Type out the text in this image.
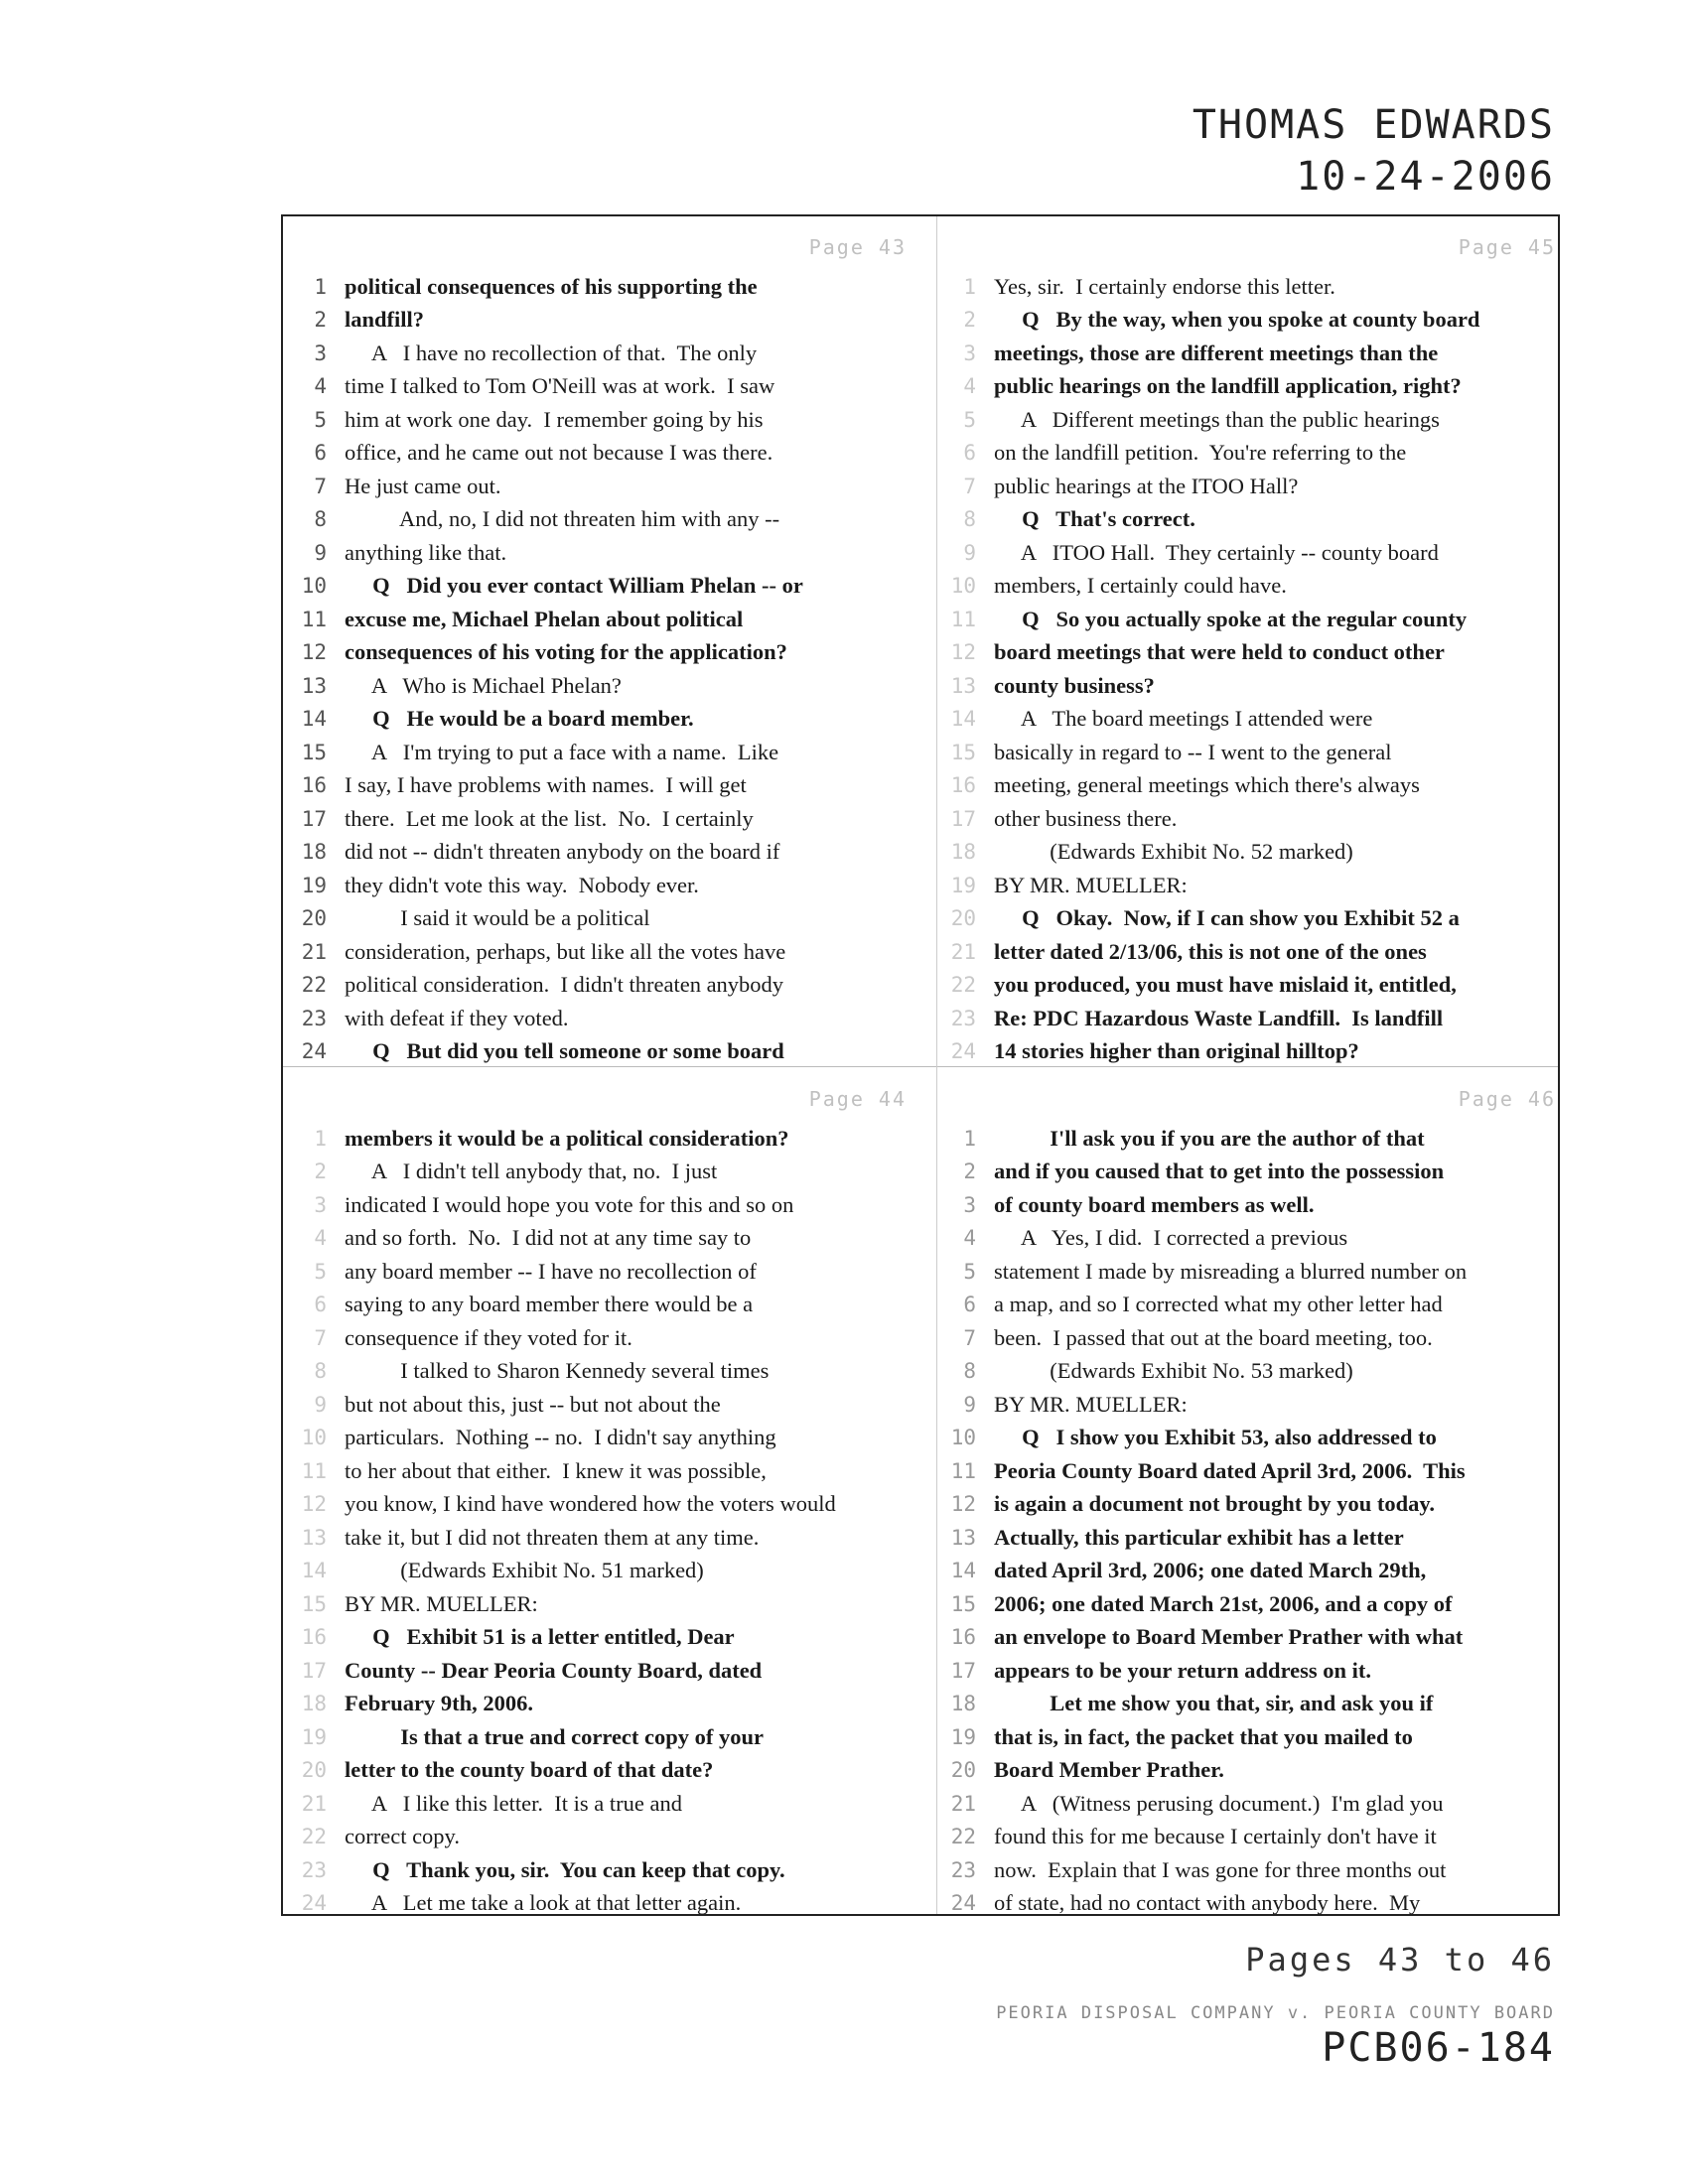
THOMAS EDWARDS
10-24-2006
Page 43
1 political consequences of his supporting the
2 landfill?
3 A   I have no recollection of that.  The only
4 time I talked to Tom O'Neill was at work.  I saw
5 him at work one day.  I remember going by his
6 office, and he came out not because I was there.
7 He just came out.
8 And, no, I did not threaten him with any --
9 anything like that.
10 Q   Did you ever contact William Phelan -- or
11 excuse me, Michael Phelan about political
12 consequences of his voting for the application?
13 A   Who is Michael Phelan?
14 Q   He would be a board member.
15 A   I'm trying to put a face with a name.  Like
16 I say, I have problems with names.  I will get
17 there.  Let me look at the list.  No.  I certainly
18 did not -- didn't threaten anybody on the board if
19 they didn't vote this way.  Nobody ever.
20 I said it would be a political
21 consideration, perhaps, but like all the votes have
22 political consideration.  I didn't threaten anybody
23 with defeat if they voted.
24 Q   But did you tell someone or some board
Page 45
1 Yes, sir.  I certainly endorse this letter.
2 Q   By the way, when you spoke at county board
3 meetings, those are different meetings than the
4 public hearings on the landfill application, right?
5 A   Different meetings than the public hearings
6 on the landfill petition.  You're referring to the
7 public hearings at the ITOO Hall?
8 Q   That's correct.
9 A   ITOO Hall.  They certainly -- county board
10 members, I certainly could have.
11 Q   So you actually spoke at the regular county
12 board meetings that were held to conduct other
13 county business?
14 A   The board meetings I attended were
15 basically in regard to -- I went to the general
16 meeting, general meetings which there's always
17 other business there.
18 (Edwards Exhibit No. 52 marked)
19 BY MR. MUELLER:
20 Q   Okay.  Now, if I can show you Exhibit 52 a
21 letter dated 2/13/06, this is not one of the ones
22 you produced, you must have mislaid it, entitled,
23 Re: PDC Hazardous Waste Landfill.  Is landfill
24 14 stories higher than original hilltop?
Page 44
1 members it would be a political consideration?
2 A   I didn't tell anybody that, no.  I just
3 indicated I would hope you vote for this and so on
4 and so forth.  No.  I did not at any time say to
5 any board member -- I have no recollection of
6 saying to any board member there would be a
7 consequence if they voted for it.
8 I talked to Sharon Kennedy several times
9 but not about this, just -- but not about the
10 particulars.  Nothing -- no.  I didn't say anything
11 to her about that either.  I knew it was possible,
12 you know, I kind have wondered how the voters would
13 take it, but I did not threaten them at any time.
14 (Edwards Exhibit No. 51 marked)
15 BY MR. MUELLER:
16 Q   Exhibit 51 is a letter entitled, Dear
17 County -- Dear Peoria County Board, dated
18 February 9th, 2006.
19 Is that a true and correct copy of your
20 letter to the county board of that date?
21 A   I like this letter.  It is a true and
22 correct copy.
23 Q   Thank you, sir.  You can keep that copy.
24 A   Let me take a look at that letter again.
Page 46
1 I'll ask you if you are the author of that
2 and if you caused that to get into the possession
3 of county board members as well.
4 A   Yes, I did.  I corrected a previous
5 statement I made by misreading a blurred number on
6 a map, and so I corrected what my other letter had
7 been.  I passed that out at the board meeting, too.
8 (Edwards Exhibit No. 53 marked)
9 BY MR. MUELLER:
10 Q   I show you Exhibit 53, also addressed to
11 Peoria County Board dated April 3rd, 2006.  This
12 is again a document not brought by you today.
13 Actually, this particular exhibit has a letter
14 dated April 3rd, 2006; one dated March 29th,
15 2006; one dated March 21st, 2006, and a copy of
16 an envelope to Board Member Prather with what
17 appears to be your return address on it.
18 Let me show you that, sir, and ask you if
19 that is, in fact, the packet that you mailed to
20 Board Member Prather.
21 A   (Witness perusing document.)  I'm glad you
22 found this for me because I certainly don't have it
23 now.  Explain that I was gone for three months out
24 of state, had no contact with anybody here.  My
Pages 43 to 46
PEORIA DISPOSAL COMPANY v. PEORIA COUNTY BOARD
PCB06-184
